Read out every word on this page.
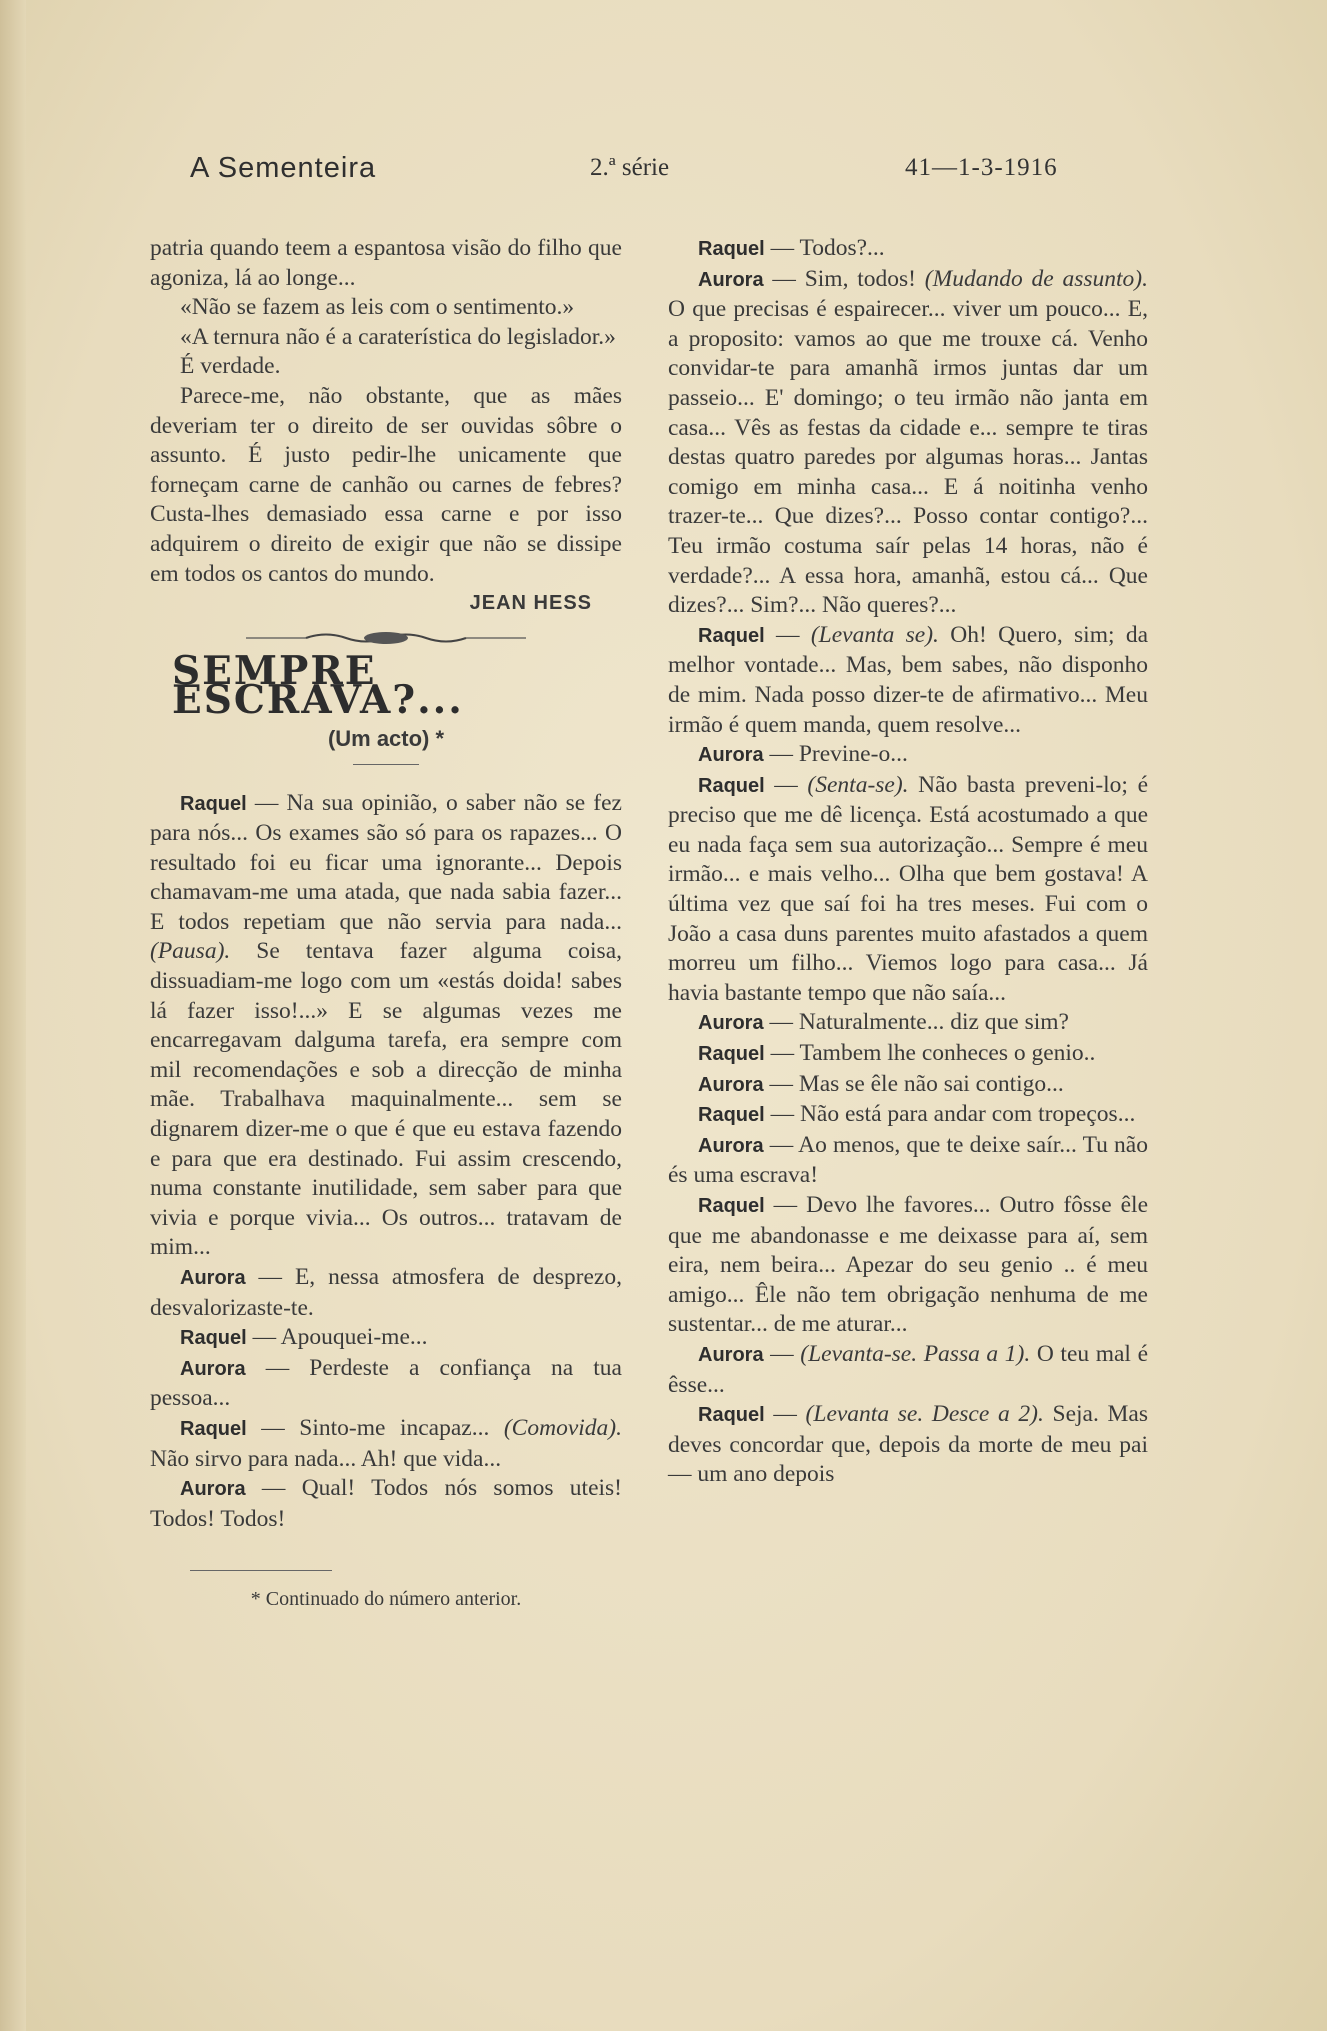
A Sementeira	2.ª série	41—1-3-1916

patria quando teem a espantosa visão do filho que agoniza, lá ao longe...

«Não se fazem as leis com o sentimento.»

«A ternura não é a caraterística do legislador.»

É verdade.

Parece-me, não obstante, que as mães deveriam ter o direito de ser ouvidas sôbre o assunto. É justo pedir-lhe unicamente que forneçam carne de canhão ou carnes de febres? Custa-lhes demasiado essa carne e por isso adquirem o direito de exigir que não se dissipe em todos os cantos do mundo.

JEAN HESS

SEMPRE ESCRAVA?...
(Um acto) *

Raquel — Na sua opinião, o saber não se fez para nós... Os exames são só para os rapazes... O resultado foi eu ficar uma ignorante... Depois chamavam-me uma atada, que nada sabia fazer... E todos repetiam que não servia para nada... (Pausa). Se tentava fazer alguma coisa, dissuadiam-me logo com um «estás doida! sabes lá fazer isso!...» E se algumas vezes me encarregavam dalguma tarefa, era sempre com mil recomendações e sob a direcção de minha mãe. Trabalhava maquinalmente... sem se dignarem dizer-me o que é que eu estava fazendo e para que era destinado. Fui assim crescendo, numa constante inutilidade, sem saber para que vivia e porque vivia... Os outros... tratavam de mim...

Aurora — E, nessa atmosfera de desprezo, desvalorizaste-te.

Raquel — Apouquei-me...

Aurora — Perdeste a confiança na tua pessoa...

Raquel — Sinto-me incapaz... (Comovida). Não sirvo para nada... Ah! que vida...

Aurora — Qual! Todos nós somos uteis! Todos! Todos!

* Continuado do número anterior.

Raquel — Todos?...

Aurora — Sim, todos! (Mudando de assunto). O que precisas é espairecer... viver um pouco... E, a proposito: vamos ao que me trouxe cá. Venho convidar-te para amanhã irmos juntas dar um passeio... E' domingo; o teu irmão não janta em casa... Vês as festas da cidade e... sempre te tiras destas quatro paredes por algumas horas... Jantas comigo em minha casa... E á noitinha venho trazer-te... Que dizes?... Posso contar contigo?... Teu irmão costuma saír pelas 14 horas, não é verdade?... A essa hora, amanhã, estou cá... Que dizes?... Sim?... Não queres?...

Raquel — (Levanta se). Oh! Quero, sim; da melhor vontade... Mas, bem sabes, não disponho de mim. Nada posso dizer-te de afirmativo... Meu irmão é quem manda, quem resolve...

Aurora — Previne-o...

Raquel — (Senta-se). Não basta preveni-lo; é preciso que me dê licença. Está acostumado a que eu nada faça sem sua autorização... Sempre é meu irmão... e mais velho... Olha que bem gostava! A última vez que saí foi ha tres meses. Fui com o João a casa duns parentes muito afastados a quem morreu um filho... Viemos logo para casa... Já havia bastante tempo que não saía...

Aurora — Naturalmente... diz que sim?

Raquel — Tambem lhe conheces o genio..

Aurora — Mas se êle não sai contigo...

Raquel — Não está para andar com tropeços...

Aurora — Ao menos, que te deixe saír... Tu não és uma escrava!

Raquel — Devo lhe favores... Outro fôsse êle que me abandonasse e me deixasse para aí, sem eira, nem beira... Apezar do seu genio .. é meu amigo... Êle não tem obrigação nenhuma de me sustentar... de me aturar...

Aurora — (Levanta-se. Passa a 1). O teu mal é êsse...

Raquel — (Levanta se. Desce a 2). Seja. Mas deves concordar que, depois da morte de meu pai — um ano depois
